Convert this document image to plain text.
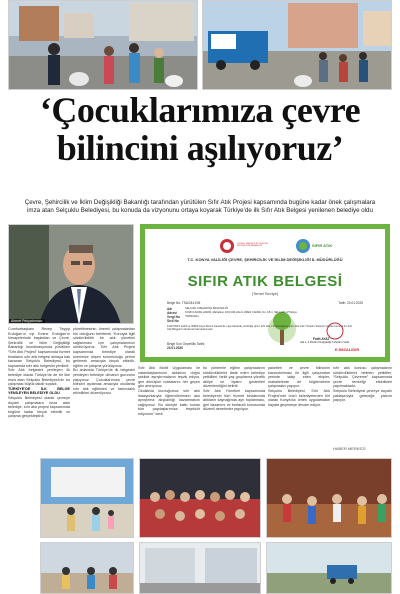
‘Çocuklarımıza çevre
bilincini aşılıyoruz’
Çevre, Şehircilik ve İklim Değişikliği Bakanlığı tarafından yürütülen Sıfır Atık Projesi kapsamında bugüne kadar önek çalışmalara
imza atan Selçuklu Belediyesi, bu konuda da vizyonunu ortaya koyarak Türkiye’de ilk Sıfır Atık Belgesi yenilenen belediye oldu
Ahmet Pekyatırmacı
ÇEVRE, ŞEHİRCİLİK VE İKLİM DEĞİŞİKLİĞİ BAKANLIĞI	SIFIR ATIK
T.C. KONYA VALİLİĞİ ÇEVRE, ŞEHİRCİLİK VE İKLİM DEĞİŞİKLİĞİ İL MÜDÜRLÜĞÜ
SIFIR ATIK BELGESİ
(Temel Seviye)
Belge No: TSA/2441/94	Tarih: 23.01.2025
Adı	SELÇUKLU BELEDİYE BAŞKANLIĞI
Adresi	KOMYA AKIFE HANIM, Mahallesi, DOÇ.DR.HALİL ÜREN CADDE. No: 1B-1, SELÇUKLU/Türkiye
Vergi No 7600001111
Sicil No
12/07/2019 tarihli ve 30829 sayılı Resmi Gazete’de yayımlanarak yürürlüğe giren Sıfır Atık Yönetmeliği’ne göre Sıfır Atık Yönetim Sistemi’ni kuran kuruma bu Sıfır Atık Belgesi’n almasına hak kazanmıştır.
Belge Son Geçerlilik Tarihi:
23.01.2030
Fatih AYAZ
Vali a. İl Müdürü Değişikliği İl Müdürü Vekili
E-İMZALIDIR

Cumhurbaşkanı Recep Tayyip Erdoğan’ın eşi Emine Erdoğan’ın himayelerinde başlatılan ve Çevre, Şehircilik ve İklim Değişikliği Bakanlığı koordinasyonda yürütülen “Sıfır Atık Projesi” kapsamında hizmet binalarını sıfır atık belgesi almaya hak kazanan Selçuklu Belediyesi, bu kapsamda sıfır atık belgesini yeniledi.

Sıfır Atık belgesini yenileyen ilk belediye olarak Türkiye’de de bir ilke imza atan Selçuklu Belediyesi’nin bu çalışması büyük takdir topladı.

TÜRKİYE’DE İLK BELGE YENİLEYEN BELEDİYE OLDU

Selçuklu Belediyesi olarak çevreye duyarlı çalışmalara imza atan belediye, sıfır atık projesi kapsamında bugüne kadar birçok etkinlik ve çalışma gerçekleştirdi.

yönetilmesinin önemli çalışmalardan biri olduğunu belirterek “Konuyla ilgili sürdürülebilir bir atık yönetimi sağlanması için çalışmalarımızı sürdürüyoruz. Sıfır Atık Projesi kapsamında belediye olarak üzerimize düşen sorumluluğu yerine getirmek amacıyla birçok etkinlik, eğitim ve çalışma yürütüyoruz.

Bu anlamda Türkiye’de ilk belgesini yenileyen belediye olmanın gururunu yaşıyoruz. Çocuklarımıza çevre bilincini aşılamak amacıyla okullarda sıfır atık eğitimleri ve farkındalık etkinlikleri düzenliyoruz.

Sıfır Atık Mobil Uygulaması ile vatandaşlarımızın atıklarını doğru şekilde ayrıştırmalarını teşvik ediyor, geri dönüşüm noktalarını her geçen gün artırıyoruz.

Okullarda kurduğumuz sıfır atık istasyonlarıyla öğrencilerimizin atık ayrıştırma alışkanlığı kazanmasını sağlıyoruz. Bu süreçte katkı sunan tüm paydaşlarımıza teşekkür ediyorum” dedi.

bu yöntemle eğitim çalışmalarını sürdürdüklerini ifade eden belediye yetkilileri, farklı yaş gruplarına yönelik atölye ve tiyatro gösterileri düzenlendiğini belirtti.

Sıfır Atık Yönetimi kapsamında belediyenin tüm hizmet binalarında atıkların kaynağında ayrı toplanması, geri kazanımı ve bertarafı konusunda düzenli denetimler yapılıyor.

paketleri ve çevre bilincinin kazandırılması ile ilgili çalışmaları yerinde takip eden ekipler, mahallelerde de bilgilendirme çalışmaları yapıyor.

Selçuklu Belediyesi, Sıfır Atık Projesi’nde öncü belediyelerden biri olarak Konya’da örnek uygulamaları hayata geçirmeye devam ediyor.

sıfır atık konusu çalışmalarını sürdürdüklerini belirten yetkililer, “Selçuklu Çevreme” kapsamında çevre temizliği etkinlikleri yapılmaktadır.

Selçuklu Belediyesi çevreye duyarlı yaklaşımıyla geleceğe yatırım yapıyor.

HABER MERKEZİ
